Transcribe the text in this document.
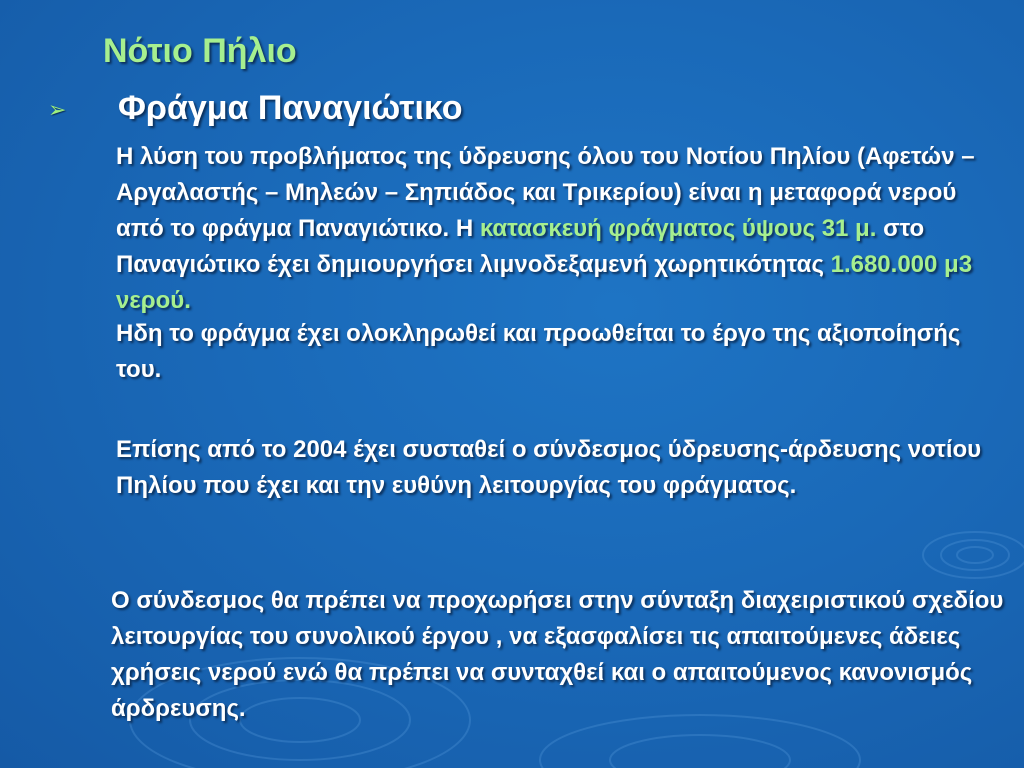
Νότιο Πήλιο
➢ Φράγμα Παναγιώτικο
Η λύση του προβλήματος της ύδρευσης όλου του Νοτίου Πηλίου (Αφετών – Αργαλαστής – Μηλεών – Σηπιάδος και Τρικερίου) είναι η μεταφορά νερού από το φράγμα Παναγιώτικο. Η κατασκευή φράγματος ύψους 31 μ. στο Παναγιώτικο έχει δημιουργήσει λιμνοδεξαμενή χωρητικότητας 1.680.000 μ3 νερού.
Ηδη το φράγμα έχει ολοκληρωθεί και προωθείται το έργο της αξιοποίησής του.
Επίσης από το 2004 έχει συσταθεί ο σύνδεσμος ύδρευσης-άρδευσης νοτίου Πηλίου που έχει και την ευθύνη λειτουργίας του φράγματος.
Ο σύνδεσμος θα πρέπει να προχωρήσει στην σύνταξη διαχειριστικού σχεδίου λειτουργίας του συνολικού έργου , να εξασφαλίσει τις απαιτούμενες άδειες χρήσεις νερού ενώ θα πρέπει να συνταχθεί και ο απαιτούμενος κανονισμός άρδρευσης.
